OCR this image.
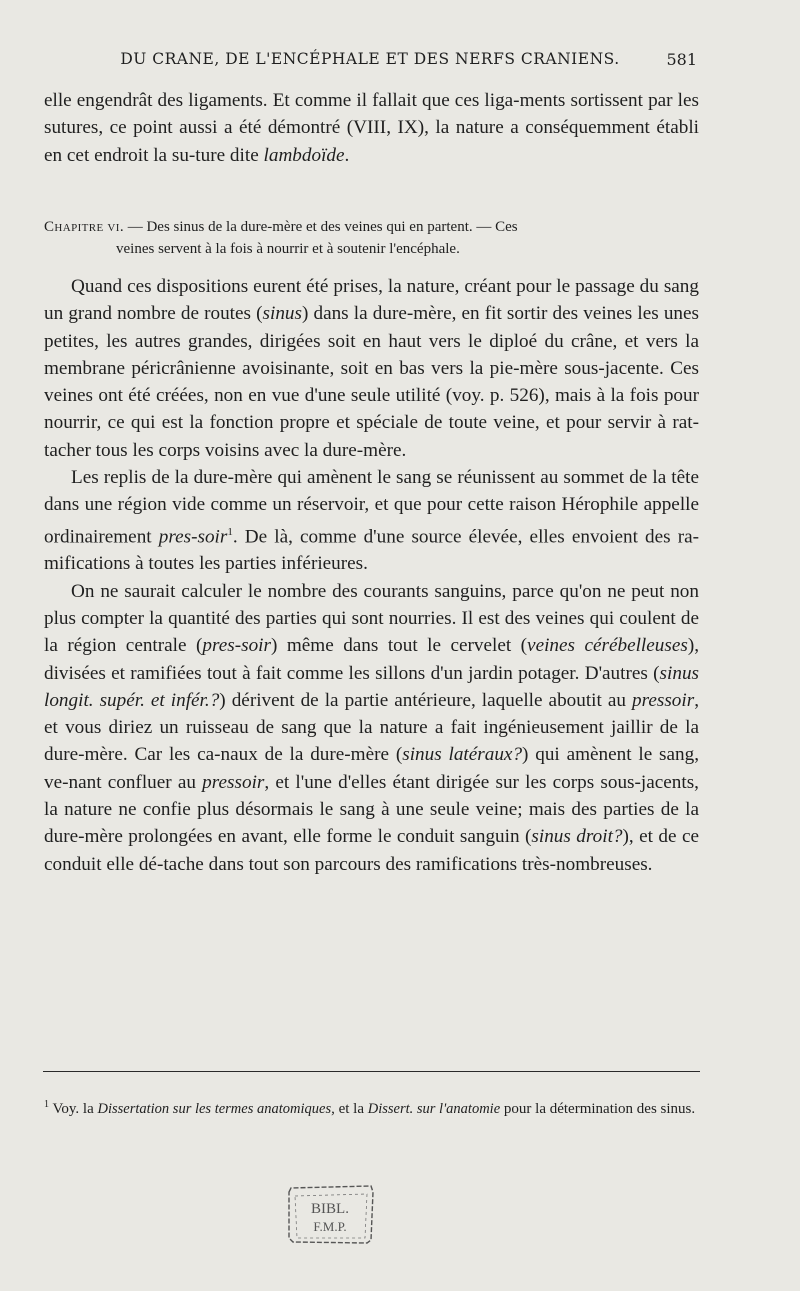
DU CRANE, DE L'ENCÉPHALE ET DES NERFS CRANIENS.	581

elle engendrât des ligaments. Et comme il fallait que ces liga-ments sortissent par les sutures, ce point aussi a été démontré (VIII, IX), la nature a conséquemment établi en cet endroit la su-ture dite lambdoïde.

Chapitre vi. — Des sinus de la dure-mère et des veines qui en partent. — Ces
veines servent à la fois à nourrir et à soutenir l'encéphale.

Quand ces dispositions eurent été prises, la nature, créant pour le passage du sang un grand nombre de routes (sinus) dans la dure-mère, en fit sortir des veines les unes petites, les autres grandes, dirigées soit en haut vers le diploé du crâne, et vers la membrane péricrânienne avoisinante, soit en bas vers la pie-mère sous-jacente. Ces veines ont été créées, non en vue d'une seule utilité (voy. p. 526), mais à la fois pour nourrir, ce qui est la fonction propre et spéciale de toute veine, et pour servir à rat-tacher tous les corps voisins avec la dure-mère.

Les replis de la dure-mère qui amènent le sang se réunissent au sommet de la tête dans une région vide comme un réservoir, et que pour cette raison Hérophile appelle ordinairement pres-soir$^1$. De là, comme d'une source élevée, elles envoient des ra-mifications à toutes les parties inférieures.

On ne saurait calculer le nombre des courants sanguins, parce qu'on ne peut non plus compter la quantité des parties qui sont nourries. Il est des veines qui coulent de la région centrale (pres-soir) même dans tout le cervelet (veines cérébelleuses), divisées et ramifiées tout à fait comme les sillons d'un jardin potager. D'autres (sinus longit. supér. et infér.?) dérivent de la partie antérieure, laquelle aboutit au pressoir, et vous diriez un ruisseau de sang que la nature a fait ingénieusement jaillir de la dure-mère. Car les ca-naux de la dure-mère (sinus latéraux?) qui amènent le sang, ve-nant confluer au pressoir, et l'une d'elles étant dirigée sur les corps sous-jacents, la nature ne confie plus désormais le sang à une seule veine; mais des parties de la dure-mère prolongées en avant, elle forme le conduit sanguin (sinus droit?), et de ce conduit elle dé-tache dans tout son parcours des ramifications très-nombreuses.

$^1$ Voy. la Dissertation sur les termes anatomiques, et la Dissert. sur l'anatomie pour la détermination des sinus.
BIBL.
F.M.P.
